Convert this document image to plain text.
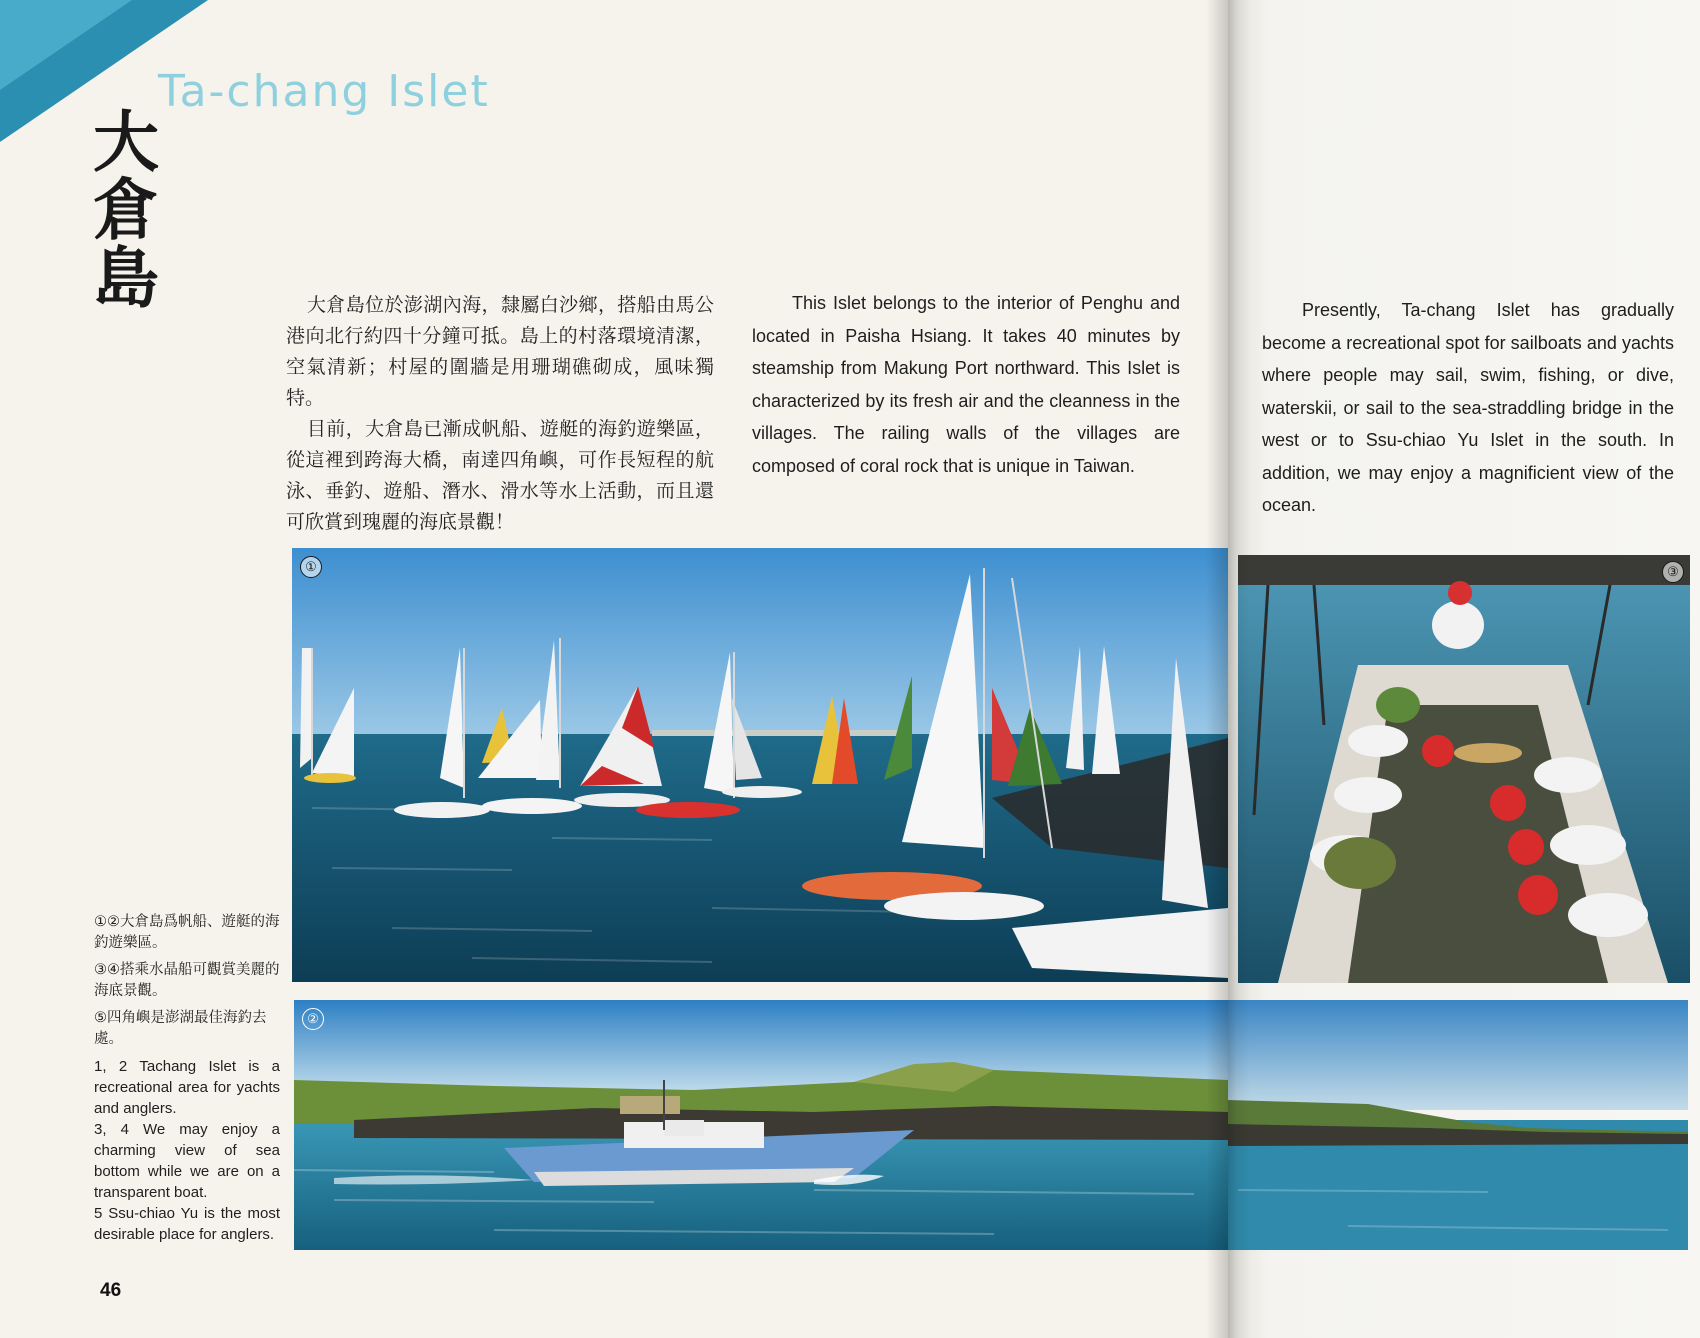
Ta-chang Islet
大倉島	大倉島位於澎湖內海，隸屬白沙鄉，搭船由馬公港向北行約四十分鐘可抵。島上的村落環境清潔，空氣清新；村屋的圍牆是用珊瑚礁砌成，風味獨特。

目前，大倉島已漸成帆船、遊艇的海釣遊樂區，從這裡到跨海大橋，南達四角嶼，可作長短程的航泳、垂釣、遊船、潛水、滑水等水上活動，而且還可欣賞到瑰麗的海底景觀！

This Islet belongs to the interior of Penghu and located in Paisha Hsiang. It takes 40 minutes by steamship from Makung Port northward. This Islet is characterized by its fresh air and the cleanness in the villages. The railing walls of the villages are composed of coral rock that is unique in Taiwan.

①
②

①②大倉島爲帆船、遊艇的海釣遊樂區。

③④搭乘水晶船可觀賞美麗的海底景觀。

⑤四角嶼是澎湖最佳海釣去處。

1, 2 Tachang Islet is a recreational area for yachts and anglers.

3, 4 We may enjoy a charming view of sea bottom while we are on a transparent boat.

5 Ssu-chiao Yu is the most desirable place for anglers.

46
③

Presently, Ta-chang Islet has gradually become a recreational spot for sailboats and yachts where people may sail, swim, fishing, or dive, waterskii, or sail to the sea-straddling bridge in the west or to Ssu-chiao Yu Islet in the south. In addition, we may enjoy a magnificient view of the ocean.
